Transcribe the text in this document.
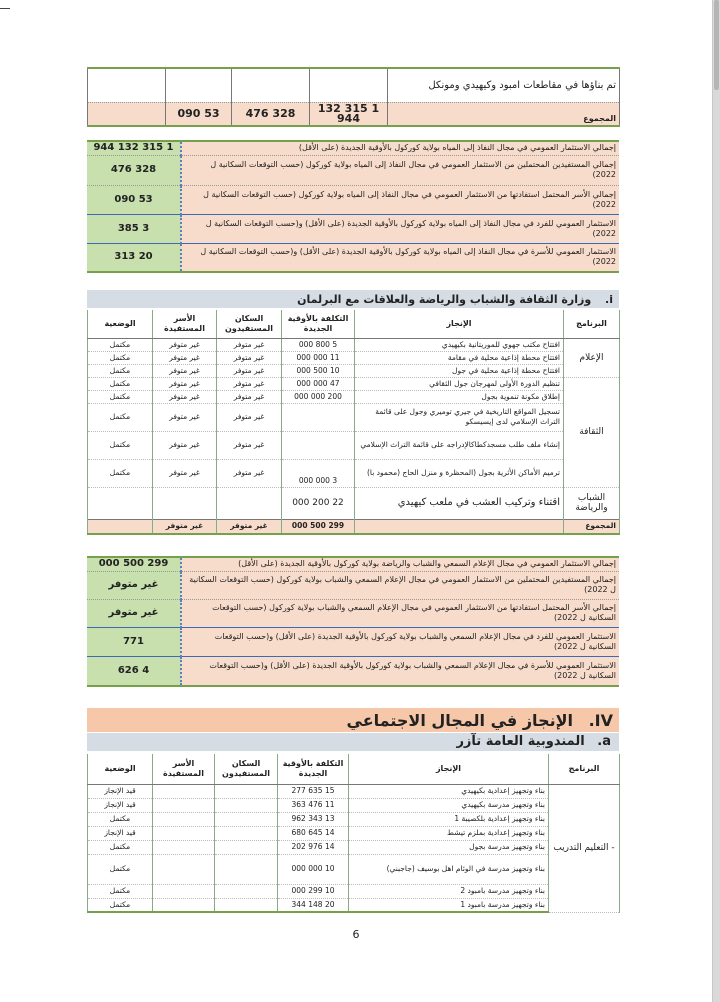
تم بناؤها في مقاطعات امبود وكيهيدي ومونكل				
المجموع	1 315 132 944	328 476	53 090	
إجمالي الاستثمار العمومي في مجال النفاذ إلى المياه بولاية كوركول بالأوقية الجديدة (على الأقل)	1 315 132 944
إجمالي المستفيدين المحتملين من الاستثمار العمومي في مجال النفاذ إلى المياه بولاية كوركول (حسب التوقعات السكانية ل 2022)	328 476
إجمالي الأسر المحتمل استفادتها من الاستثمار العمومي في مجال النفاذ إلى المياه بولاية كوركول (حسب التوقعات السكانية ل 2022)	53 090
الاستثمار العمومي للفرد في مجال النفاذ إلى المياه بولاية كوركول بالأوقية الجديدة (على الأقل) و(حسب التوقعات السكانية ل 2022)	3 385
الاستثمار العمومي للأسرة في مجال النفاذ إلى المياه بولاية كوركول بالأوقية الجديدة (على الأقل) و(حسب التوقعات السكانية ل 2022)	20 313
i. وزارة الثقافة والشباب والرياضة والعلاقات مع البرلمان
البرنامج	الإنجاز	التكلفة بالأوقية الجديدة	السكان المستفيدون	الأسر المستفيدة	الوضعية
الإعلام	افتتاح مكتب جهوي للموريتانية بكيهيدي	5 800 000	غير متوفر	غير متوفر	مكتمل
	افتتاح محطة إذاعية محلية في مقامة	11 000 000	غير متوفر	غير متوفر	مكتمل
	افتتاح محطة إذاعية محلية في جول	10 500 000	غير متوفر	غير متوفر	مكتمل
الثقافة	تنظيم الدورة الأولى لمهرجان جول الثقافي	47 000 000	غير متوفر	غير متوفر	مكتمل
	إطلاق مكونة تنموية بجول	200 000 000	غير متوفر	غير متوفر	مكتمل
	تسجيل المواقع التاريخية في جيري توميري وجول على قائمة التراث الإسلامي لدى إيسيسكو		غير متوفر	غير متوفر	مكتمل
	إنشاء ملف طلب مسجدكطاكالإدراجه على قائمة التراث الإسلامي		غير متوفر	غير متوفر	مكتمل
	ترميم الأماكن الأثرية بجول (المحظرة و منزل الحاج (محمود با)	3 000 000	غير متوفر	غير متوفر	مكتمل
الشباب والرياضة	اقتناء وتركيب العشب في ملعب كيهيدي	22 200 000			
المجموع		299 500 000	غير متوفر	غير متوفر	
إجمالي الاستثمار العمومي في مجال الإعلام السمعي والشباب والرياضة بولاية كوركول بالأوقية الجديدة (على الأقل)	299 500 000
إجمالي المستفيدين المحتملين من الاستثمار العمومي في مجال الإعلام السمعي والشباب بولاية كوركول (حسب التوقعات السكانية ل 2022)	غير متوفر
إجمالي الأسر المحتمل استفادتها من الاستثمار العمومي في مجال الإعلام السمعي والشباب بولاية كوركول (حسب التوقعات السكانية ل 2022)	غير متوفر
الاستثمار العمومي للفرد في مجال الإعلام السمعي والشباب بولاية كوركول بالأوقية الجديدة (على الأقل) و(حسب التوقعات السكانية ل 2022)	771
الاستثمار العمومي للأسرة في مجال الإعلام السمعي والشباب بولاية كوركول بالأوقية الجديدة (على الأقل) و(حسب التوقعات السكانية ل 2022)	4 626
IV. الإنجاز في المجال الاجتماعي
a. المندوبية العامة تآزر
البرنامج	الإنجاز	التكلفة بالأوقية الجديدة	السكان المستفيدون	الأسر المستفيدة	الوضعية
- التعليم التدريب	بناء وتجهيز إعدادية بكيهيدي	15 635 277			قيد الإنجاز
	بناء وتجهيز مدرسة بكيهيدي	11 476 363			قيد الإنجاز
	بناء وتجهيز إعدادية بلكصيبة 1	13 343 962			مكتمل
	بناء وتجهيز إعدادية بملزم تيشط	14 645 680			قيد الإنجاز
	بناء وتجهيز مدرسة بجول	14 976 202			مكتمل
	بناء وتجهيز مدرسة في الوئام اهل بوسيف (جاجبني)	10 000 000			مكتمل
	بناء وتجهيز مدرسة بامبود 2	10 299 000			مكتمل
	بناء وتجهيز مدرسة بامبود 1	20 148 344			مكتمل
6
